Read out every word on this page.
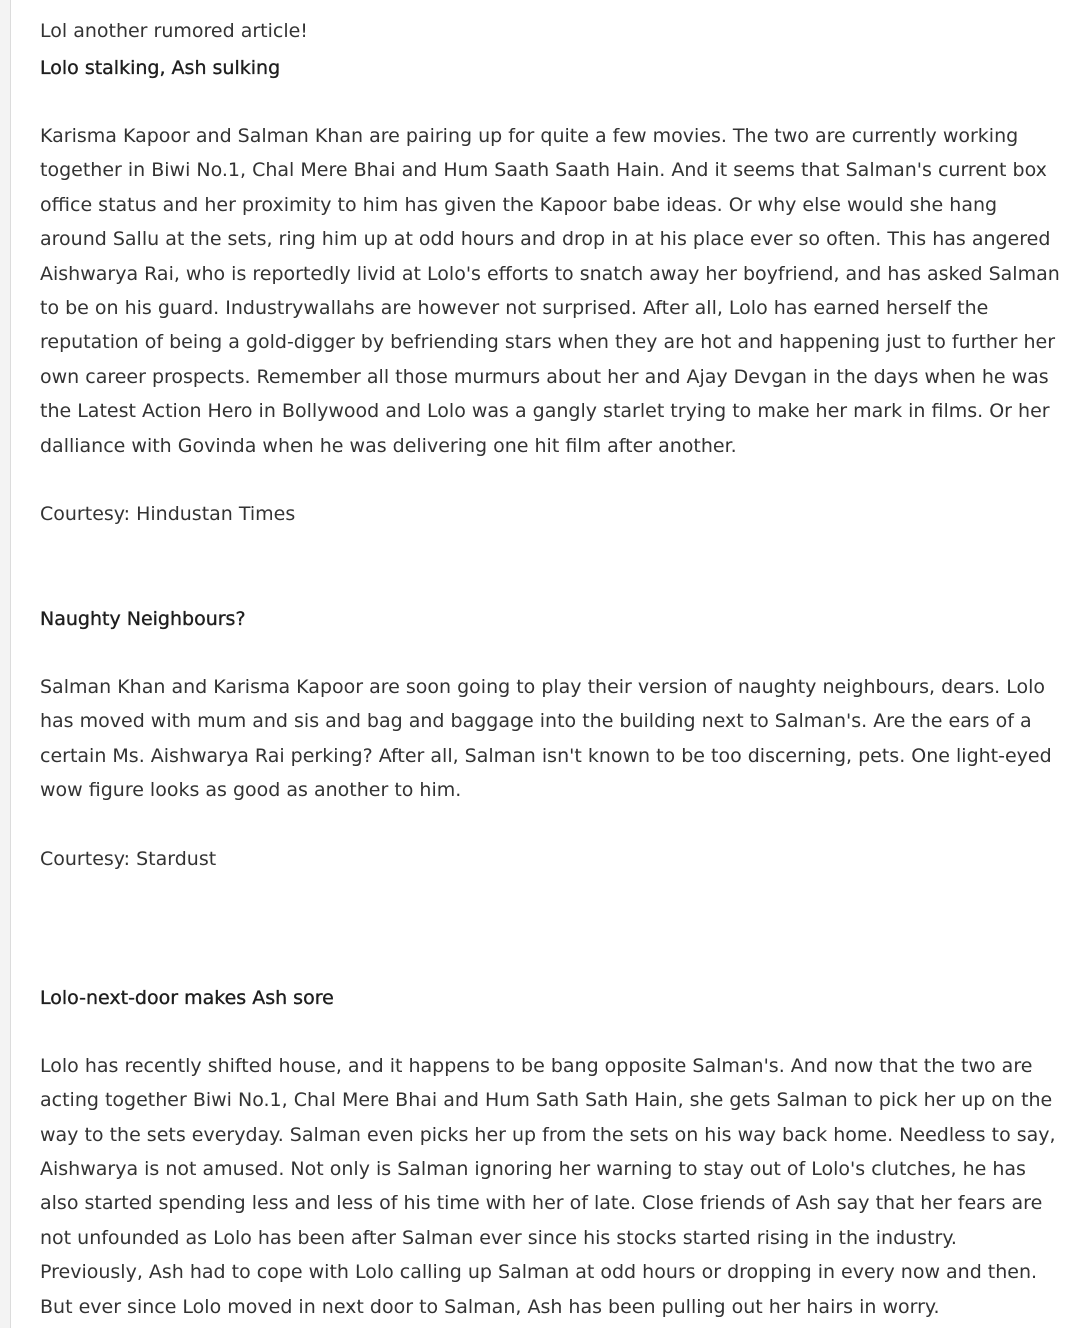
Lol another rumored article!

Lolo stalking, Ash sulking

Karisma Kapoor and Salman Khan are pairing up for quite a few movies. The two are currently working together in Biwi No.1, Chal Mere Bhai and Hum Saath Saath Hain. And it seems that Salman's current box office status and her proximity to him has given the Kapoor babe ideas. Or why else would she hang around Sallu at the sets, ring him up at odd hours and drop in at his place ever so often. This has angered Aishwarya Rai, who is reportedly livid at Lolo's efforts to snatch away her boyfriend, and has asked Salman to be on his guard. Industrywallahs are however not surprised. After all, Lolo has earned herself the reputation of being a gold-digger by befriending stars when they are hot and happening just to further her own career prospects. Remember all those murmurs about her and Ajay Devgan in the days when he was the Latest Action Hero in Bollywood and Lolo was a gangly starlet trying to make her mark in films. Or her dalliance with Govinda when he was delivering one hit film after another.

Courtesy: Hindustan Times

Naughty Neighbours?

Salman Khan and Karisma Kapoor are soon going to play their version of naughty neighbours, dears. Lolo has moved with mum and sis and bag and baggage into the building next to Salman's. Are the ears of a certain Ms. Aishwarya Rai perking? After all, Salman isn't known to be too discerning, pets. One light-eyed wow figure looks as good as another to him.

Courtesy: Stardust

Lolo-next-door makes Ash sore

Lolo has recently shifted house, and it happens to be bang opposite Salman's. And now that the two are acting together Biwi No.1, Chal Mere Bhai and Hum Sath Sath Hain, she gets Salman to pick her up on the way to the sets everyday. Salman even picks her up from the sets on his way back home. Needless to say, Aishwarya is not amused. Not only is Salman ignoring her warning to stay out of Lolo's clutches, he has also started spending less and less of his time with her of late. Close friends of Ash say that her fears are not unfounded as Lolo has been after Salman ever since his stocks started rising in the industry. Previously, Ash had to cope with Lolo calling up Salman at odd hours or dropping in every now and then. But ever since Lolo moved in next door to Salman, Ash has been pulling out her hairs in worry.
